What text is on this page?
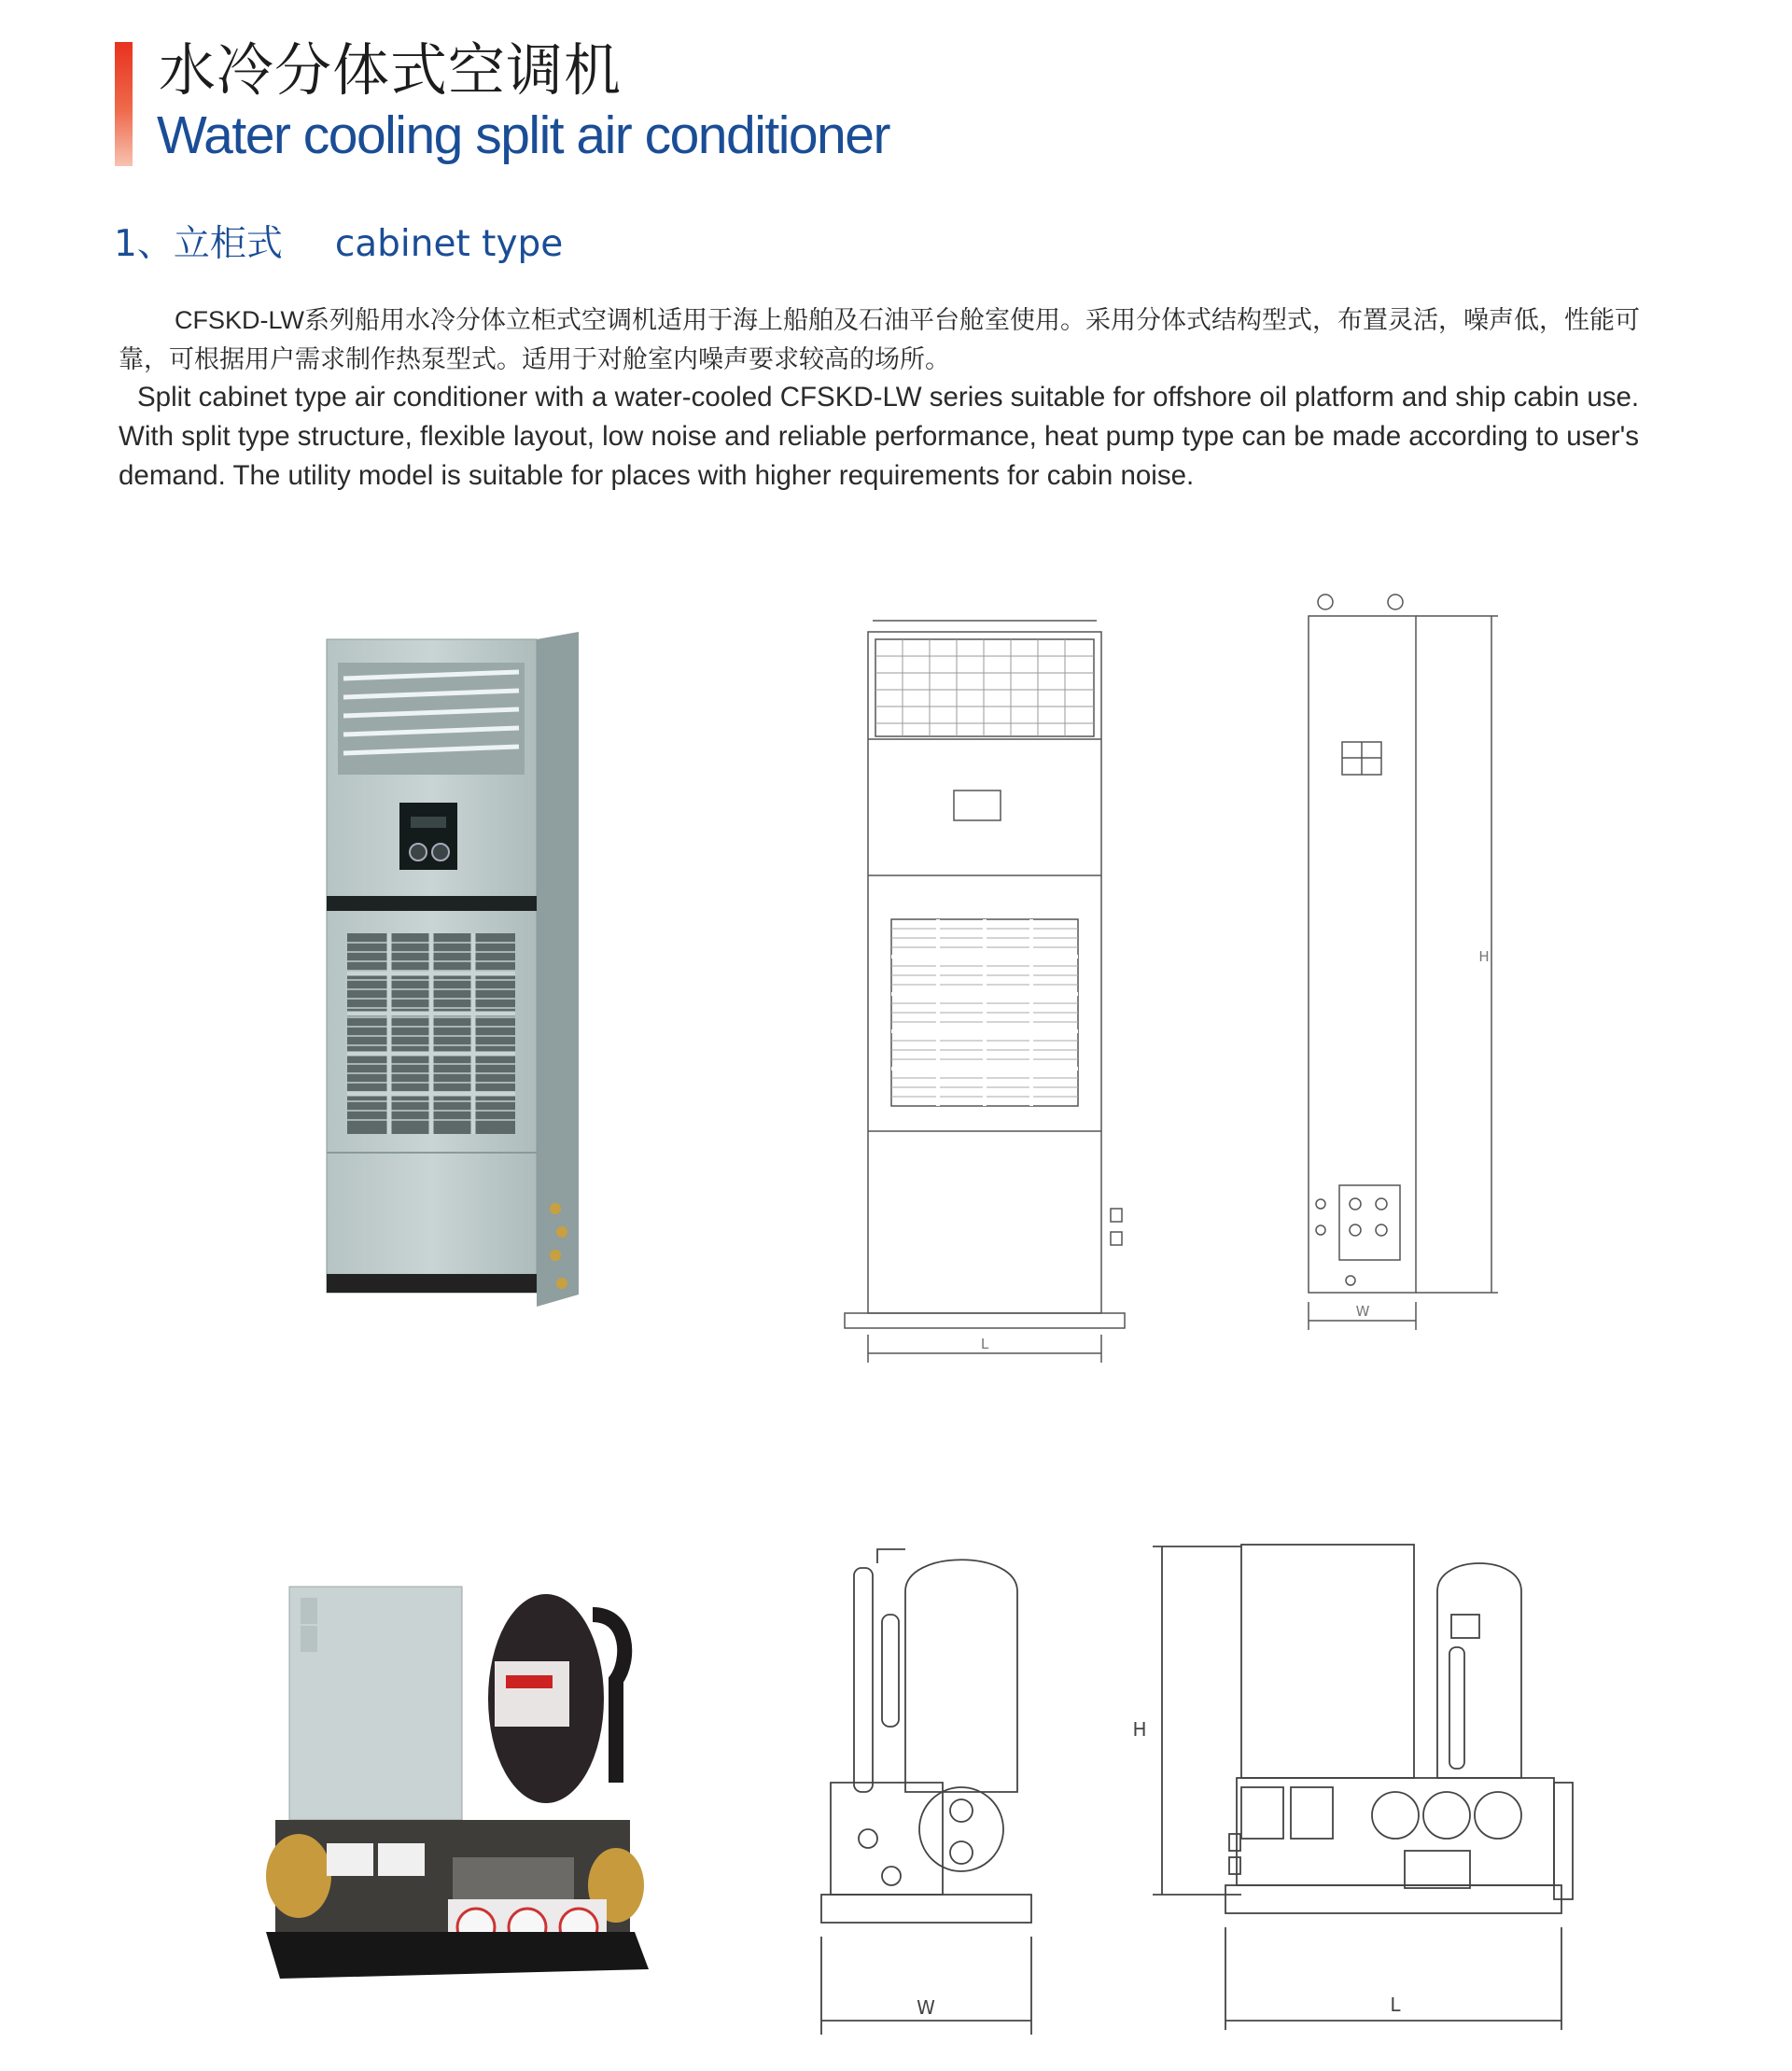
水冷分体式空调机
Water cooling split air conditioner
1、立柜式 cabinet type
CFSKD-LW系列船用水冷分体立柜式空调机适用于海上船舶及石油平台舱室使用。采用分体式结构型式，布置灵活，噪声低，性能可靠，可根据用户需求制作热泵型式。适用于对舱室内噪声要求较高的场所。
Split cabinet type air conditioner with a water-cooled CFSKD-LW series suitable for offshore oil platform and ship cabin use. With split type structure, flexible layout, low noise and reliable performance, heat pump type can be made according to user's demand. The utility model is suitable for places with higher requirements for cabin noise.
L
W
H
W
H
L
